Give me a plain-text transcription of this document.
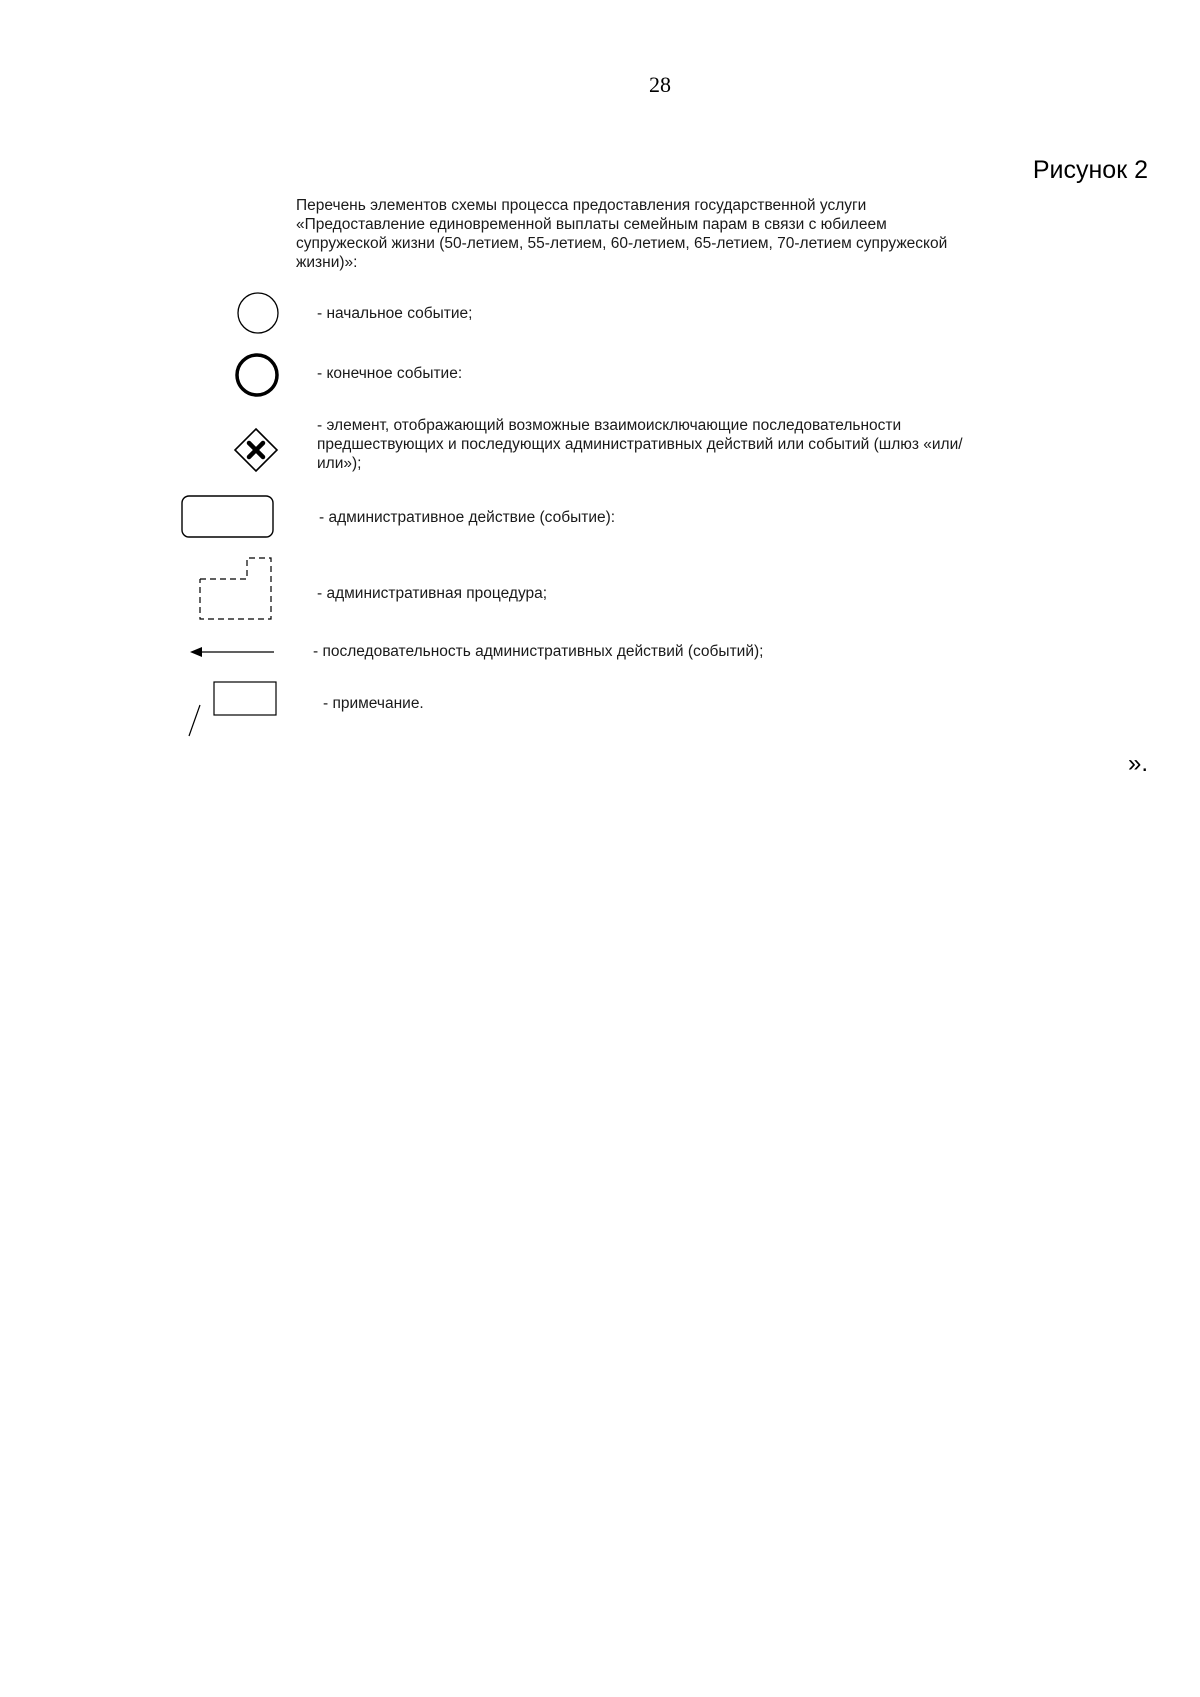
28
Рисунок 2
Перечень элементов схемы процесса предоставления государственной услуги «Предоставление единовременной выплаты семейным парам в связи с юбилеем супружеской жизни (50-летием, 55-летием, 60-летием, 65-летием, 70-летием супружеской жизни)»:
- начальное событие;
- конечное событие:
- элемент, отображающий возможные взаимоисключающие последовательности предшествующих и последующих административных действий или событий (шлюз «или/или»);
- административное действие (событие):
- административная процедура;
- последовательность административных действий (событий);
- примечание.
».
